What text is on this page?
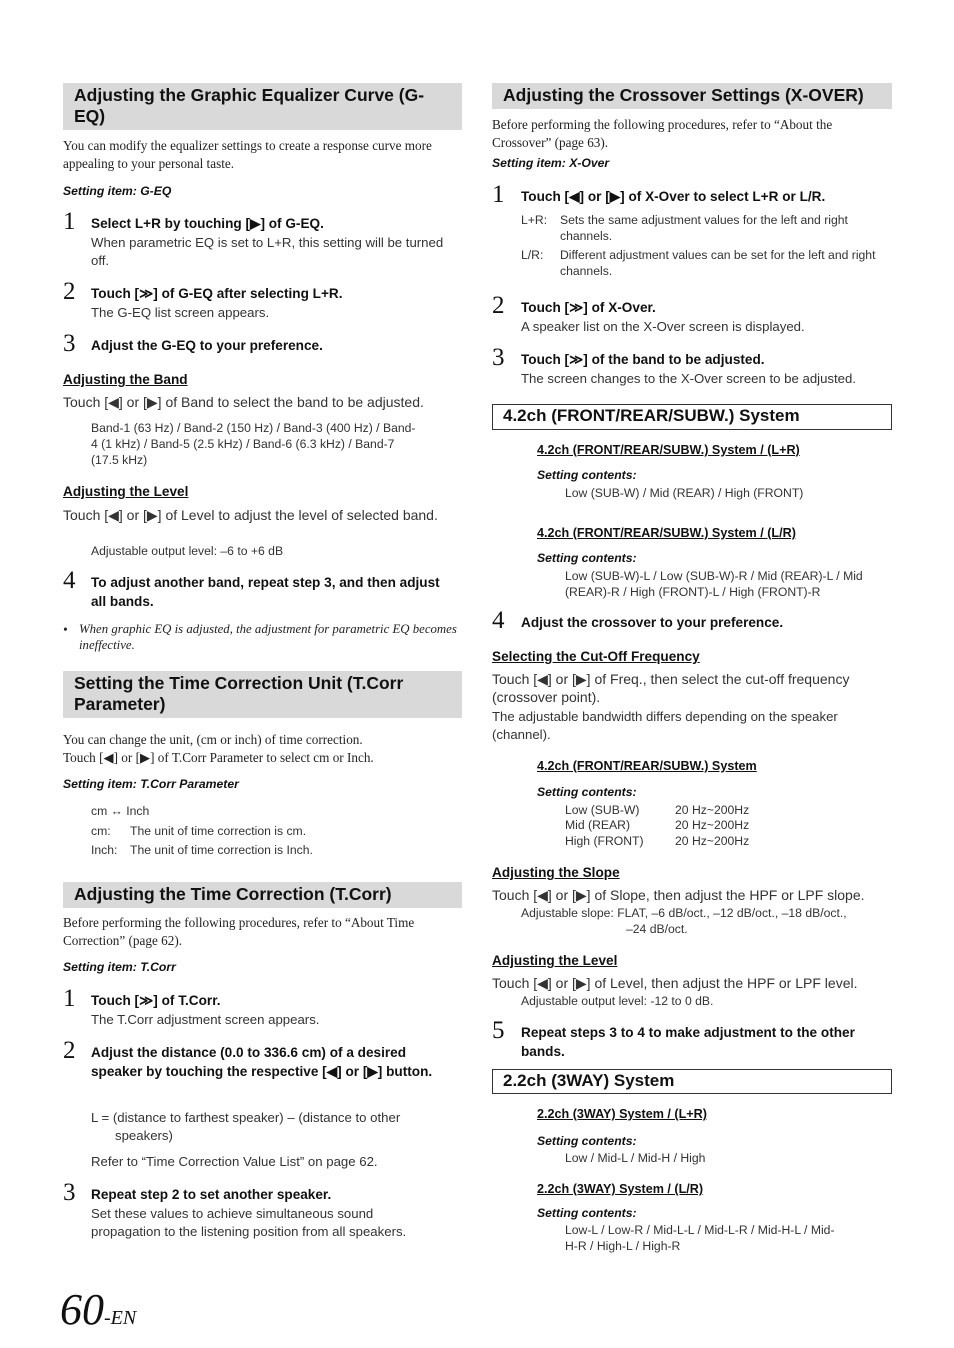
Adjusting the Graphic Equalizer Curve (G-EQ)
You can modify the equalizer settings to create a response curve more appealing to your personal taste.
Setting item: G-EQ
1 Select L+R by touching [▶] of G-EQ.
When parametric EQ is set to L+R, this setting will be turned off.
2 Touch [≫] of G-EQ after selecting L+R.
The G-EQ list screen appears.
3 Adjust the G-EQ to your preference.
Adjusting the Band
Touch [◀] or [▶] of Band to select the band to be adjusted.
Band-1 (63 Hz) / Band-2 (150 Hz) / Band-3 (400 Hz) / Band-4 (1 kHz) / Band-5 (2.5 kHz) / Band-6 (6.3 kHz) / Band-7 (17.5 kHz)
Adjusting the Level
Touch [◀] or [▶] of Level to adjust the level of selected band.
Adjustable output level: –6 to +6 dB
4 To adjust another band, repeat step 3, and then adjust all bands.
• When graphic EQ is adjusted, the adjustment for parametric EQ becomes ineffective.
Setting the Time Correction Unit (T.Corr Parameter)
You can change the unit, (cm or inch) of time correction.
Touch [◀] or [▶] of T.Corr Parameter to select cm or Inch.
Setting item: T.Corr Parameter
cm ↔ Inch
cm: The unit of time correction is cm.
Inch: The unit of time correction is Inch.
Adjusting the Time Correction (T.Corr)
Before performing the following procedures, refer to “About Time Correction” (page 62).
Setting item: T.Corr
1 Touch [≫] of T.Corr.
The T.Corr adjustment screen appears.
2 Adjust the distance (0.0 to 336.6 cm) of a desired speaker by touching the respective [◀] or [▶] button.
L = (distance to farthest speaker) – (distance to other speakers)
Refer to “Time Correction Value List” on page 62.
3 Repeat step 2 to set another speaker.
Set these values to achieve simultaneous sound propagation to the listening position from all speakers.
Adjusting the Crossover Settings (X-OVER)
Before performing the following procedures, refer to “About the Crossover” (page 63).
Setting item: X-Over
1 Touch [◀] or [▶] of X-Over to select L+R or L/R.
L+R: Sets the same adjustment values for the left and right channels.
L/R: Different adjustment values can be set for the left and right channels.
2 Touch [≫] of X-Over.
A speaker list on the X-Over screen is displayed.
3 Touch [≫] of the band to be adjusted.
The screen changes to the X-Over screen to be adjusted.
4.2ch (FRONT/REAR/SUBW.) System
4.2ch (FRONT/REAR/SUBW.) System / (L+R)
Setting contents:
Low (SUB-W) / Mid (REAR) / High (FRONT)
4.2ch (FRONT/REAR/SUBW.) System / (L/R)
Setting contents:
Low (SUB-W)-L / Low (SUB-W)-R / Mid (REAR)-L / Mid (REAR)-R / High (FRONT)-L / High (FRONT)-R
4 Adjust the crossover to your preference.
Selecting the Cut-Off Frequency
Touch [◀] or [▶] of Freq., then select the cut-off frequency (crossover point).
The adjustable bandwidth differs depending on the speaker (channel).
4.2ch (FRONT/REAR/SUBW.) System
Setting contents:
Low (SUB-W)	20 Hz~200Hz
Mid (REAR)	20 Hz~200Hz
High (FRONT)	20 Hz~200Hz
Adjusting the Slope
Touch [◀] or [▶] of Slope, then adjust the HPF or LPF slope.
Adjustable slope: FLAT, –6 dB/oct., –12 dB/oct., –18 dB/oct.,
–24 dB/oct.
Adjusting the Level
Touch [◀] or [▶] of Level, then adjust the HPF or LPF level.
Adjustable output level: -12 to 0 dB.
5 Repeat steps 3 to 4 to make adjustment to the other bands.
2.2ch (3WAY) System
2.2ch (3WAY) System / (L+R)
Setting contents:
Low / Mid-L / Mid-H / High
2.2ch (3WAY) System / (L/R)
Setting contents:
Low-L / Low-R / Mid-L-L / Mid-L-R / Mid-H-L / Mid-H-R / High-L / High-R
60-EN
